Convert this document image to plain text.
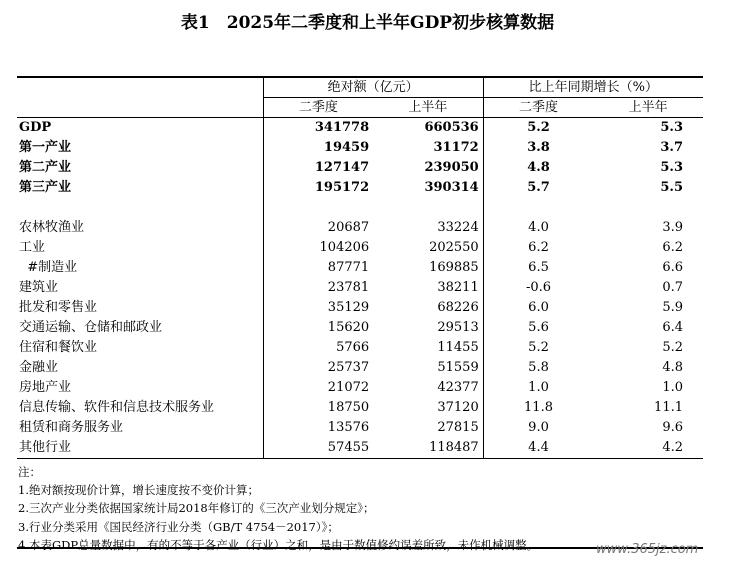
表1　2025年二季度和上半年GDP初步核算数据
	绝对额（亿元）		比上年同期增长（%）	
	二季度	上半年	二季度	上半年
GDP	341778	660536	5.2	5.3
第一产业	19459	31172	3.8	3.7
第二产业	127147	239050	4.8	5.3
第三产业	195172	390314	5.7	5.5

农林牧渔业	20687	33224	4.0	3.9
工业	104206	202550	6.2	6.2
#制造业	87771	169885	6.5	6.6
建筑业	23781	38211	-0.6	0.7
批发和零售业	35129	68226	6.0	5.9
交通运输、仓储和邮政业	15620	29513	5.6	6.4
住宿和餐饮业	5766	11455	5.2	5.2
金融业	25737	51559	5.8	4.8
房地产业	21072	42377	1.0	1.0
信息传输、软件和信息技术服务业	18750	37120	11.8	11.1
租赁和商务服务业	13576	27815	9.0	9.6
其他行业	57455	118487	4.4	4.2
注：
1.绝对额按现价计算，增长速度按不变价计算；
2.三次产业分类依据国家统计局2018年修订的《三次产业划分规定》；
3.行业分类采用《国民经济行业分类（GB/T 4754－2017）》；
4.本表GDP总量数据中，有的不等于各产业（行业）之和，是由于数值修约误差所致，未作机械调整。	www.365jz.com
